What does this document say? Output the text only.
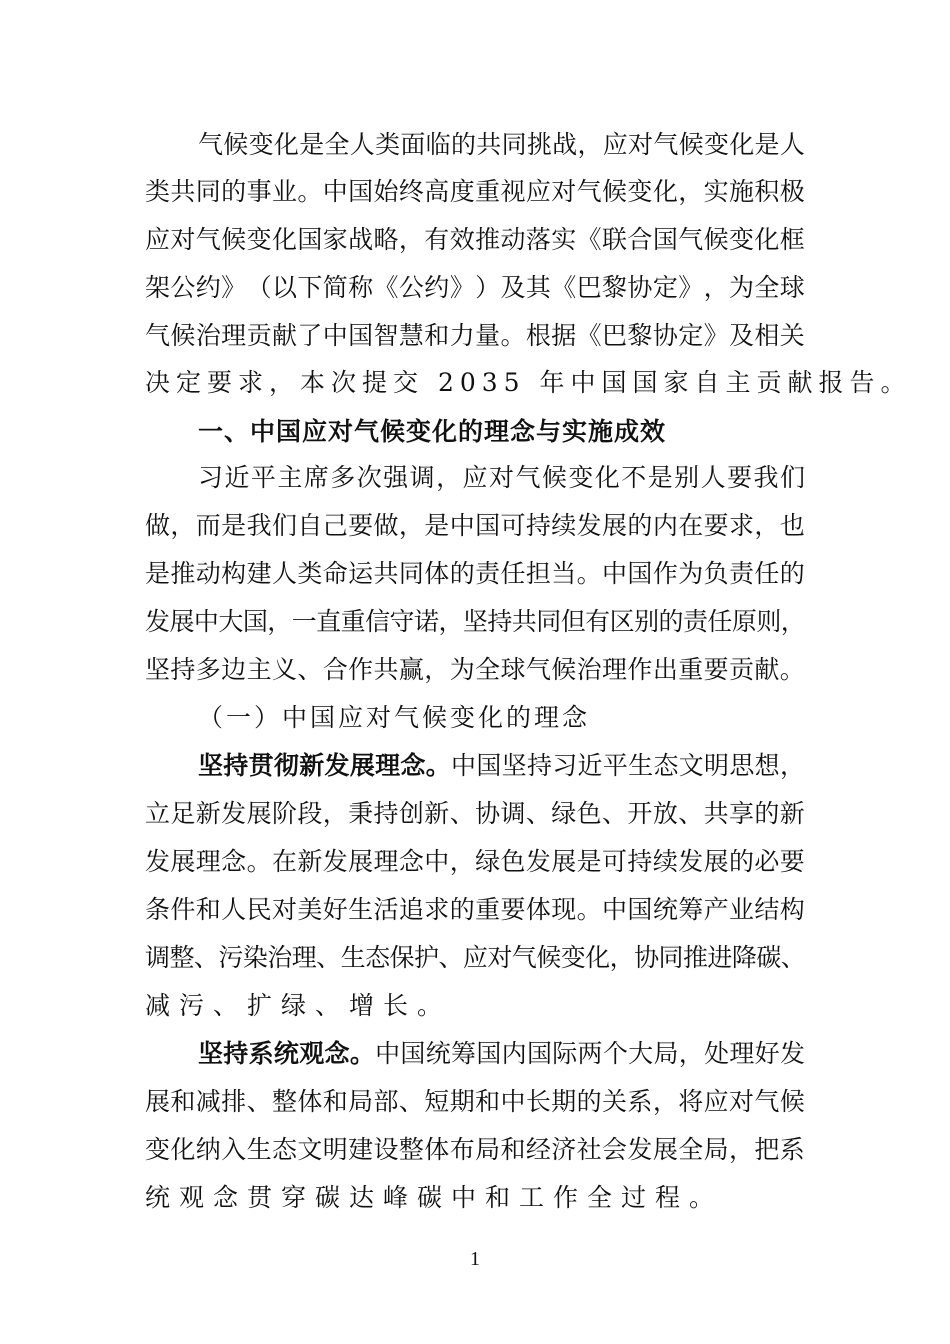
气 候 变 化 是 全 人 类 面 临 的 共 同 挑 战 ， 应 对 气 候 变 化 是 人
类 共 同 的 事 业 。 中 国 始 终 高 度 重 视 应 对 气 候 变 化 ， 实 施 积 极
应 对 气 候 变 化 国 家 战 略 ， 有 效 推 动 落 实 《 联 合 国 气 候 变 化 框
架 公 约 》 （ 以 下 简 称 《 公 约 》 ） 及 其 《 巴 黎 协 定 》 ， 为 全 球
气 候 治 理 贡 献 了 中 国 智 慧 和 力 量 。 根 据 《 巴 黎 协 定 》 及 相 关
决定要求，本次提交 2035 年中国国家自主贡献报告。
一、中国应对气候变化的理念与实施成效
习 近 平 主 席 多 次 强 调 ， 应 对 气 候 变 化 不 是 别 人 要 我 们
做 ， 而 是 我 们 自 己 要 做 ， 是 中 国 可 持 续 发 展 的 内 在 要 求 ， 也
是 推 动 构 建 人 类 命 运 共 同 体 的 责 任 担 当 。 中 国 作 为 负 责 任 的
发 展 中 大 国 ， 一 直 重 信 守 诺 ， 坚 持 共 同 但 有 区 别 的 责 任 原 则 ，
坚 持 多 边 主 义 、 合 作 共 赢 ， 为 全 球 气 候 治 理 作 出 重 要 贡 献 。
（一）中国应对气候变化的理念
坚持贯彻新发展理念。中国坚持习近平生态文明思想，
立 足 新 发 展 阶 段 ， 秉 持 创 新 、 协 调 、 绿 色 、 开 放 、 共 享 的 新
发 展 理 念 。 在 新 发 展 理 念 中 ， 绿 色 发 展 是 可 持 续 发 展 的 必 要
条 件 和 人 民 对 美 好 生 活 追 求 的 重 要 体 现 。 中 国 统 筹 产 业 结 构
调 整 、 污 染 治 理 、 生 态 保 护 、 应 对 气 候 变 化 ， 协 同 推 进 降 碳 、
减污、扩绿、增长。
坚持系统观念。中国统筹国内国际两个大局，处理好发
展 和 减 排 、 整 体 和 局 部 、 短 期 和 中 长 期 的 关 系 ， 将 应 对 气 候
变 化 纳 入 生 态 文 明 建 设 整 体 布 局 和 经 济 社 会 发 展 全 局 ， 把 系
统观念贯穿碳达峰碳中和工作全过程。
1
